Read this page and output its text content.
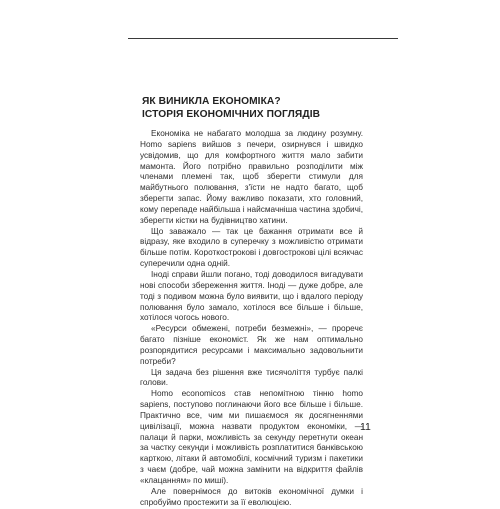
ЯК ВИНИКЛА ЕКОНОМІКА?
ІСТОРІЯ ЕКОНОМІЧНИХ ПОГЛЯДІВ

Економіка не набагато молодша за людину розумну. Homo sapiens вийшов з печери, озирнувся і швидко усвідомив, що для комфортного життя мало забити мамонта. Його потрібно правильно розподілити між членами племені так, щоб зберегти стимули для майбутнього полювання, з'їсти не надто багато, щоб зберегти запас. Йому важливо показати, хто головний, кому перепаде найбільша і найсмачніша частина здобичі, зберегти кістки на будівництво хатини.

Що заважало — так це бажання отримати все й відразу, яке входило в суперечку з можливістю отримати більше потім. Короткострокові і довгострокові цілі всякчас суперечили одна одній.

Іноді справи йшли погано, тоді доводилося вигадувати нові способи збереження життя. Іноді — дуже добре, але тоді з подивом можна було виявити, що і вдалого періоду полювання було замало, хотілося все більше і більше, хотілося чогось нового.

«Ресурси обмежені, потреби безмежні», — проречє багато пізніше економіст. Як же нам оптимально розпорядитися ресурсами і максимально задовольнити потреби?

Ця задача без рішення вже тисячоліття турбує палкі голови.

Homo economicos став непомітною тінню homo sapiens, поступово поглинаючи його все більше і більше. Практично все, чим ми пишаємося як досягненнями цивілізації, можна назвати продуктом економіки, — палаци й парки, можливість за секунду перетнути океан за частку секунди і можливість розплатитися банківською карткою, літаки й автомобілі, космічний туризм і пакетики з чаєм (добре, чай можна замінити на відкриття файлів «клацанням» по миші).

Але повернімося до витоків економічної думки і спробуймо простежити за її еволюцією.

11
